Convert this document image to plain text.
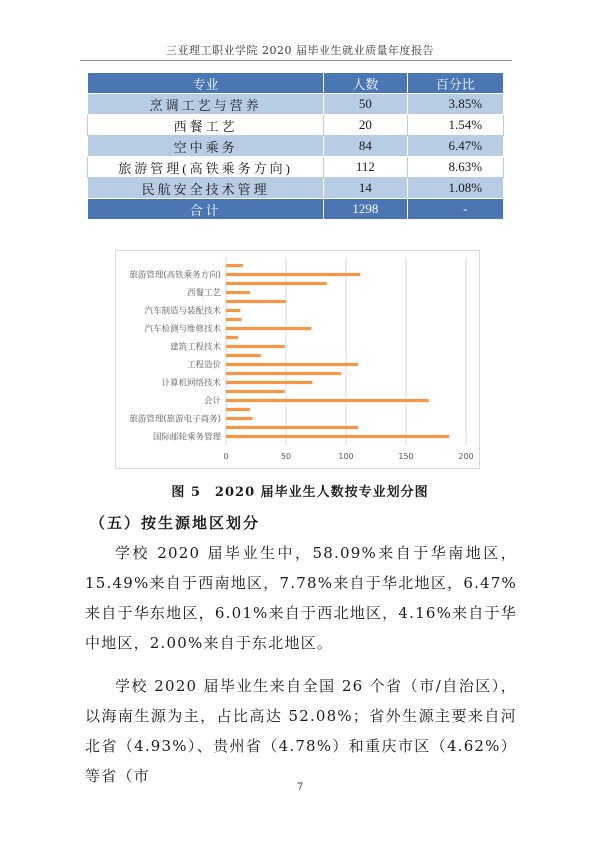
三亚理工职业学院 2020 届毕业生就业质量年度报告
专业	人数	百分比
烹调工艺与营养	50	3.85%
西餐工艺	20	1.54%
空中乘务	84	6.47%
旅游管理(高铁乘务方向)	112	8.63%
民航安全技术管理	14	1.08%
合计	1298	-
0	50	100	150	200
旅游管理(高铁乘务方向)
西餐工艺
汽车制造与装配技术
汽车检测与维修技术
建筑工程技术
工程造价
计算机网络技术
会计
旅游管理(旅游电子商务)
国际邮轮乘务管理
图 5　2020 届毕业生人数按专业划分图
（五）按生源地区划分
学校 2020 届毕业生中，58.09%来自于华南地区，15.49%来自于西南地区，7.78%来自于华北地区，6.47%来自于华东地区，6.01%来自于西北地区，4.16%来自于华中地区，2.00%来自于东北地区。
学校 2020 届毕业生来自全国 26 个省（市/自治区），以海南生源为主，占比高达 52.08%；省外生源主要来自河北省（4.93%）、贵州省（4.78%）和重庆市区（4.62%）等省（市
7
